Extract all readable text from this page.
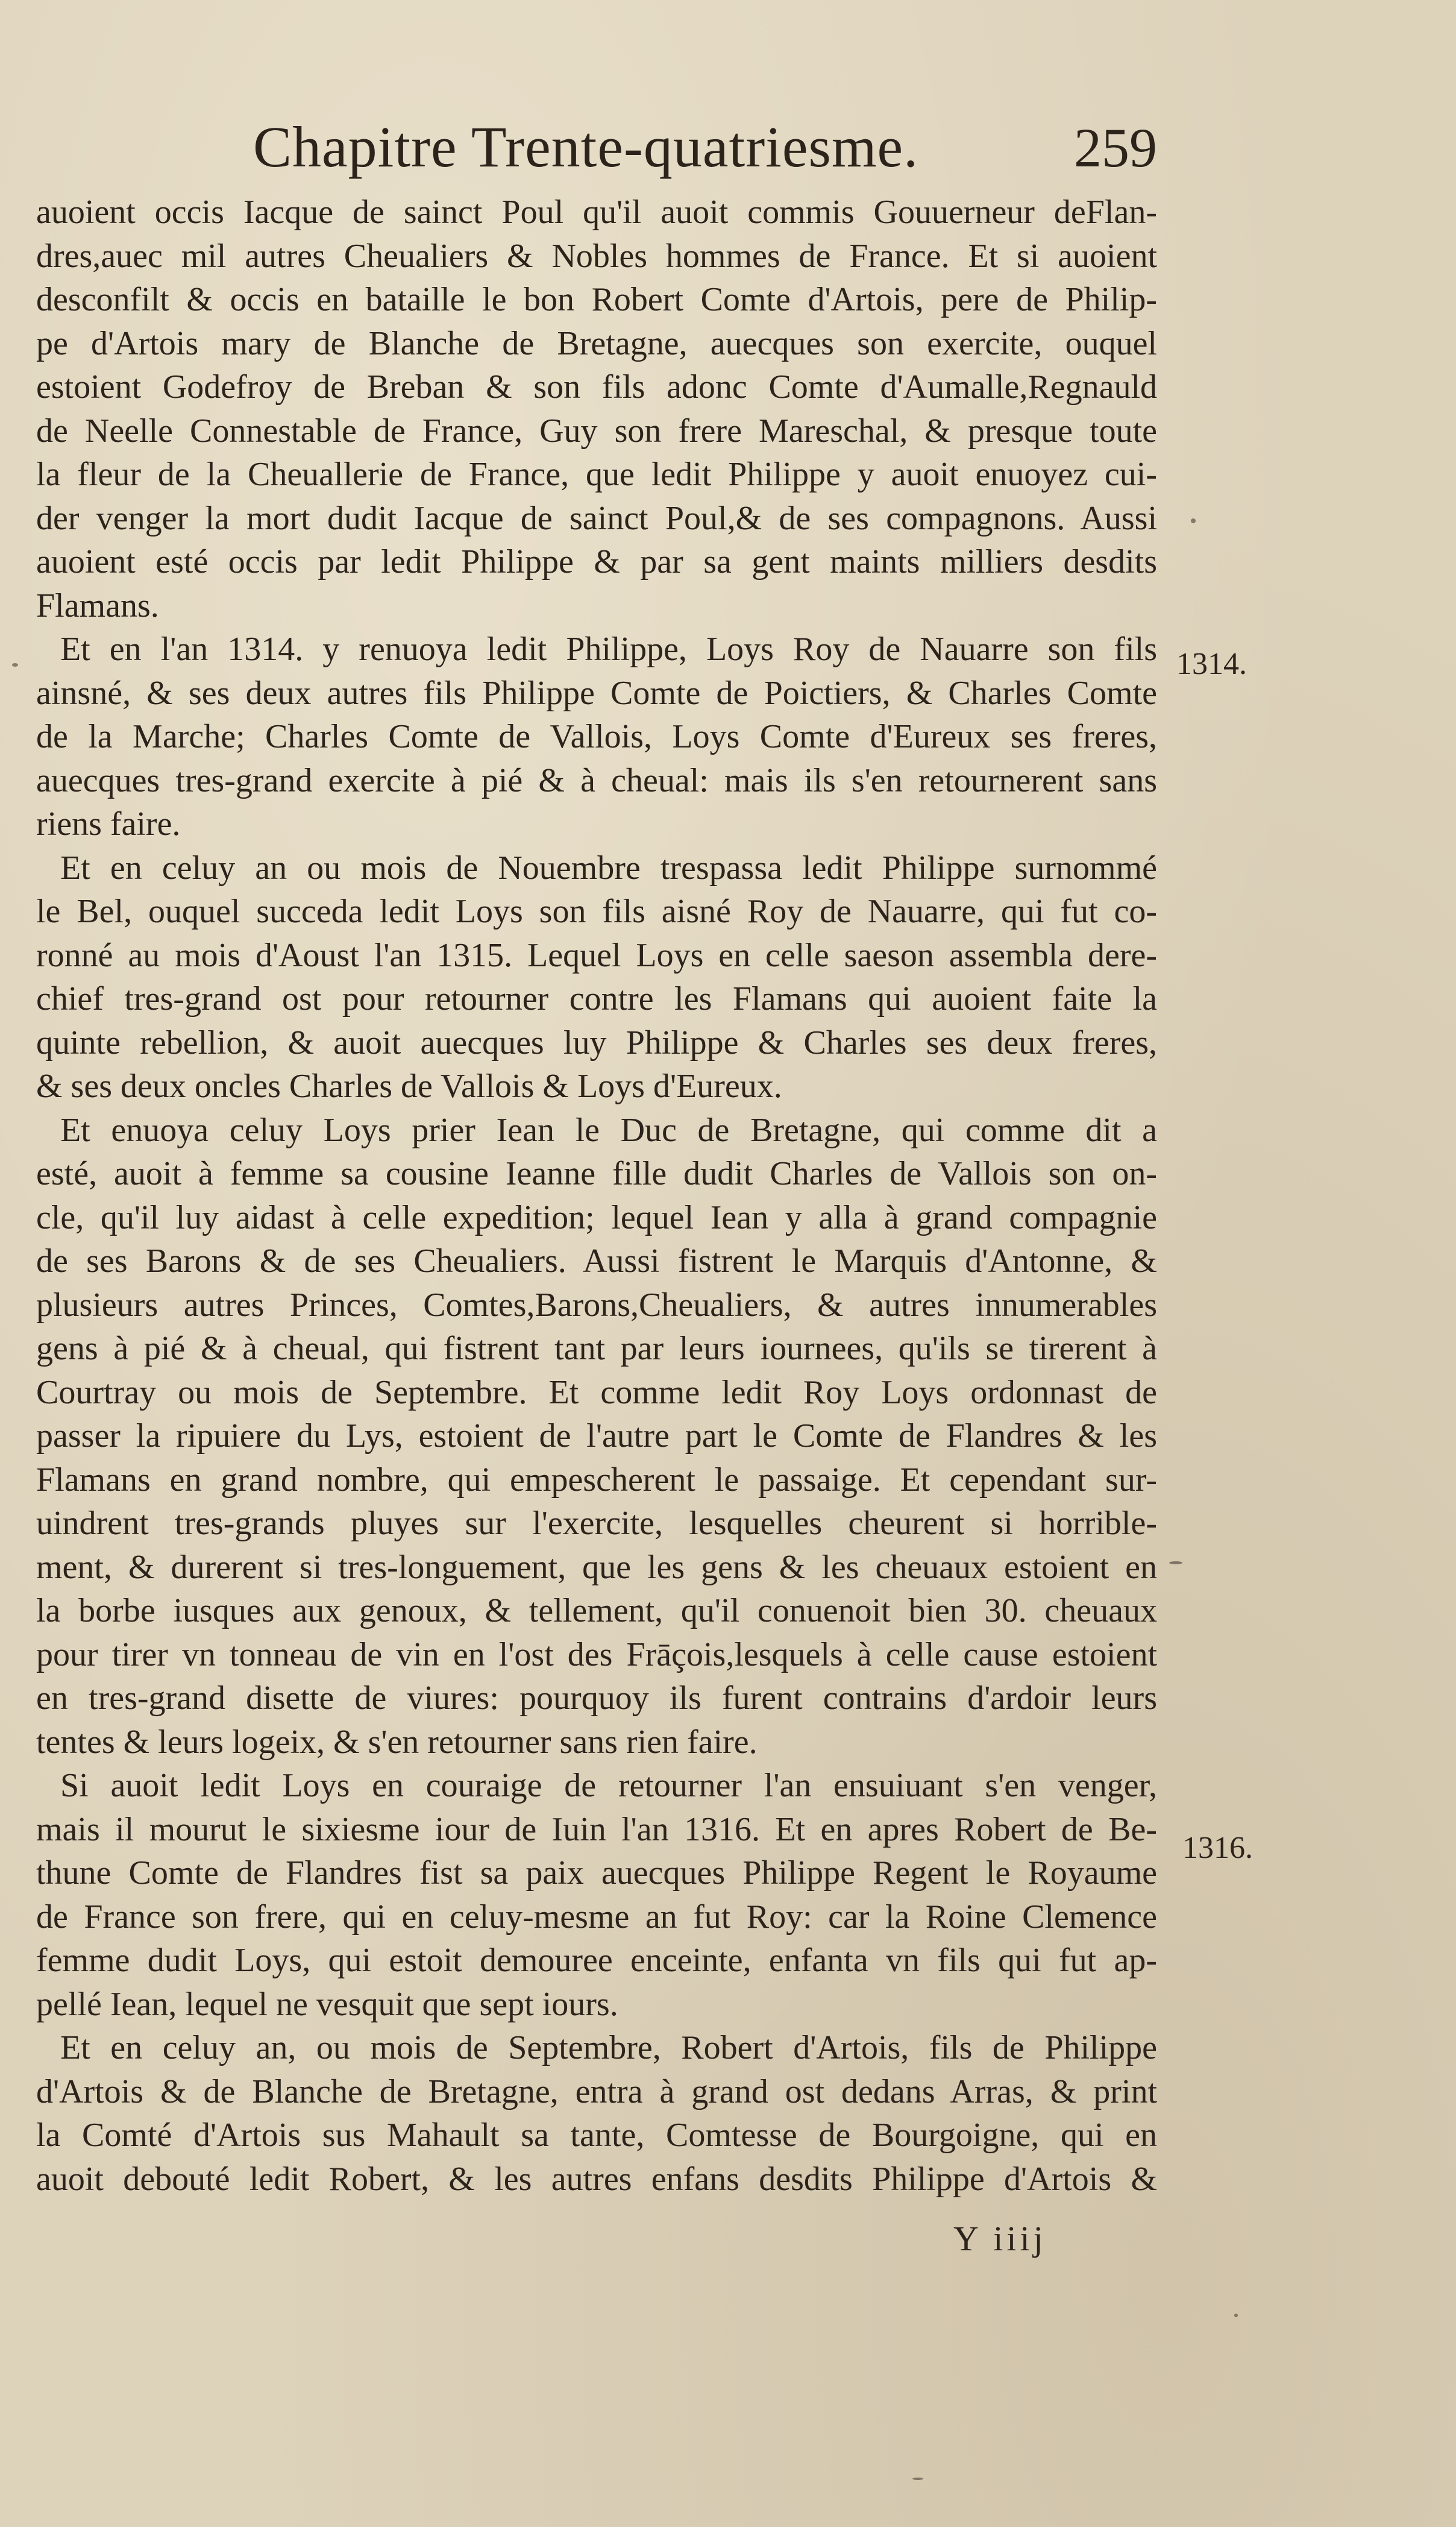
Chapitre Trente-quatriesme.	259
auoient occis Iacque de sainct Poul qu'il auoit commis Gouuerneur deFlan-
dres,auec mil autres Cheualiers & Nobles hommes de France. Et si auoient
desconfilt & occis en bataille le bon Robert Comte d'Artois, pere de Philip-
pe d'Artois mary de Blanche de Bretagne, auecques son exercite, ouquel
estoient Godefroy de Breban & son fils adonc Comte d'Aumalle,Regnauld
de Neelle Connestable de France, Guy son frere Mareschal, & presque toute
la fleur de la Cheuallerie de France, que ledit Philippe y auoit enuoyez cui-
der venger la mort dudit Iacque de sainct Poul,& de ses compagnons. Aussi
auoient esté occis par ledit Philippe & par sa gent maints milliers desdits
Flamans.
Et en l'an 1314. y renuoya ledit Philippe, Loys Roy de Nauarre son fils
ainsné, & ses deux autres fils Philippe Comte de Poictiers, & Charles Comte
de la Marche; Charles Comte de Vallois, Loys Comte d'Eureux ses freres,
auecques tres-grand exercite à pié & à cheual: mais ils s'en retournerent sans
riens faire.
Et en celuy an ou mois de Nouembre trespassa ledit Philippe surnommé
le Bel, ouquel succeda ledit Loys son fils aisné Roy de Nauarre, qui fut co-
ronné au mois d'Aoust l'an 1315. Lequel Loys en celle saeson assembla dere-
chief tres-grand ost pour retourner contre les Flamans qui auoient faite la
quinte rebellion, & auoit auecques luy Philippe & Charles ses deux freres,
& ses deux oncles Charles de Vallois & Loys d'Eureux.
Et enuoya celuy Loys prier Iean le Duc de Bretagne, qui comme dit a
esté, auoit à femme sa cousine Ieanne fille dudit Charles de Vallois son on-
cle, qu'il luy aidast à celle expedition; lequel Iean y alla à grand compagnie
de ses Barons & de ses Cheualiers. Aussi fistrent le Marquis d'Antonne, &
plusieurs autres Princes, Comtes,Barons,Cheualiers, & autres innumerables
gens à pié & à cheual, qui fistrent tant par leurs iournees, qu'ils se tirerent à
Courtray ou mois de Septembre. Et comme ledit Roy Loys ordonnast de
passer la ripuiere du Lys, estoient de l'autre part le Comte de Flandres & les
Flamans en grand nombre, qui empescherent le passaige. Et cependant sur-
uindrent tres-grands pluyes sur l'exercite, lesquelles cheurent si horrible-
ment, & durerent si tres-longuement, que les gens & les cheuaux estoient en
la borbe iusques aux genoux, & tellement, qu'il conuenoit bien 30. cheuaux
pour tirer vn tonneau de vin en l'ost des Frāçois,lesquels à celle cause estoient
en tres-grand disette de viures: pourquoy ils furent contrains d'ardoir leurs
tentes & leurs logeix, & s'en retourner sans rien faire.
Si auoit ledit Loys en couraige de retourner l'an ensuiuant s'en venger,
mais il mourut le sixiesme iour de Iuin l'an 1316. Et en apres Robert de Be-
thune Comte de Flandres fist sa paix auecques Philippe Regent le Royaume
de France son frere, qui en celuy-mesme an fut Roy: car la Roine Clemence
femme dudit Loys, qui estoit demouree enceinte, enfanta vn fils qui fut ap-
pellé Iean, lequel ne vesquit que sept iours.
Et en celuy an, ou mois de Septembre, Robert d'Artois, fils de Philippe
d'Artois & de Blanche de Bretagne, entra à grand ost dedans Arras, & print
la Comté d'Artois sus Mahault sa tante, Comtesse de Bourgoigne, qui en
auoit debouté ledit Robert, & les autres enfans desdits Philippe d'Artois &
1314.
1316.
Y iiij
